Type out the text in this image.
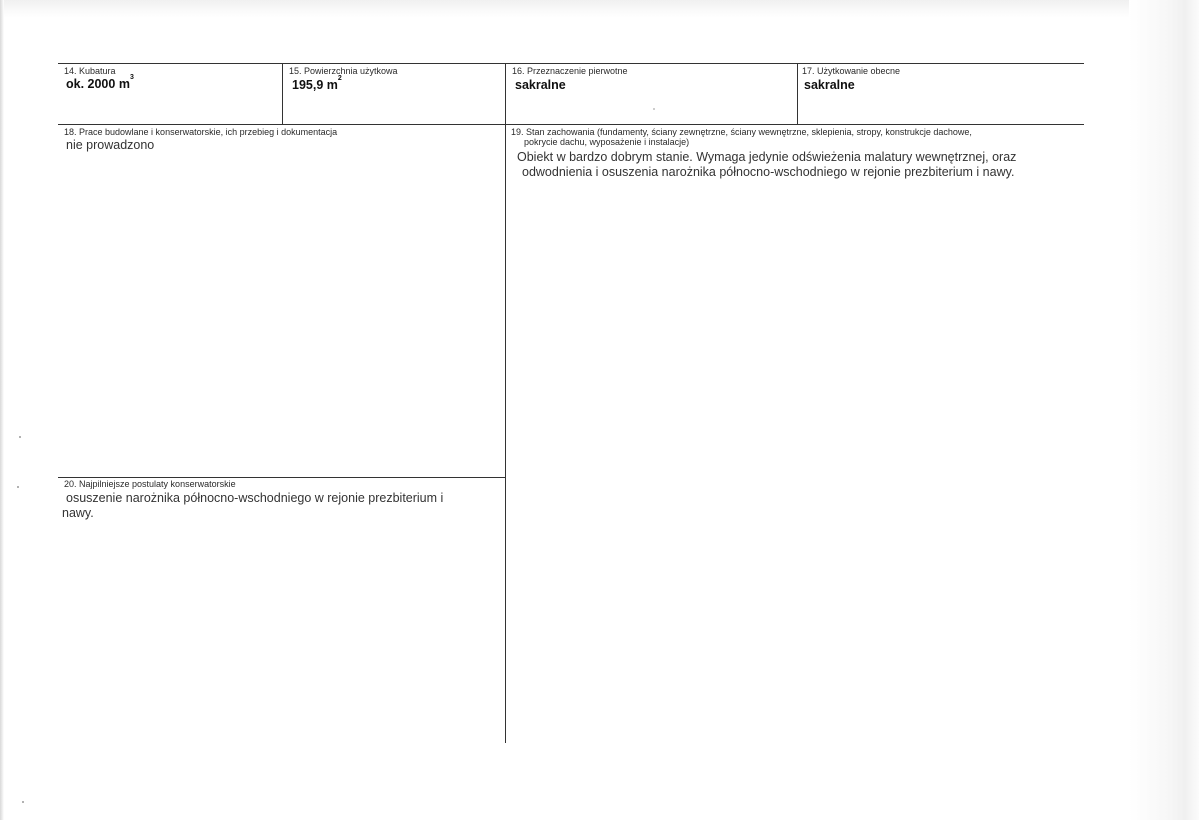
14. Kubatura
ok. 2000 $m^3$
15. Powierzchnia użytkowa
195,9 $m^2$
16. Przeznaczenie pierwotne
sakralne
17. Użytkowanie obecne
sakralne
18. Prace budowlane i konserwatorskie, ich przebieg i dokumentacja
nie prowadzono
19. Stan zachowania (fundamenty, ściany zewnętrzne, ściany wewnętrzne, sklepienia, stropy, konstrukcje dachowe,
pokrycie dachu, wyposażenie i instalacje)
Obiekt w bardzo dobrym stanie. Wymaga jedynie odświeżenia malatury wewnętrznej, oraz
odwodnienia i osuszenia narożnika północno-wschodniego w rejonie prezbiterium i nawy.
20. Najpilniejsze postulaty konserwatorskie
osuszenie narożnika północno-wschodniego w rejonie prezbiterium i
nawy.
